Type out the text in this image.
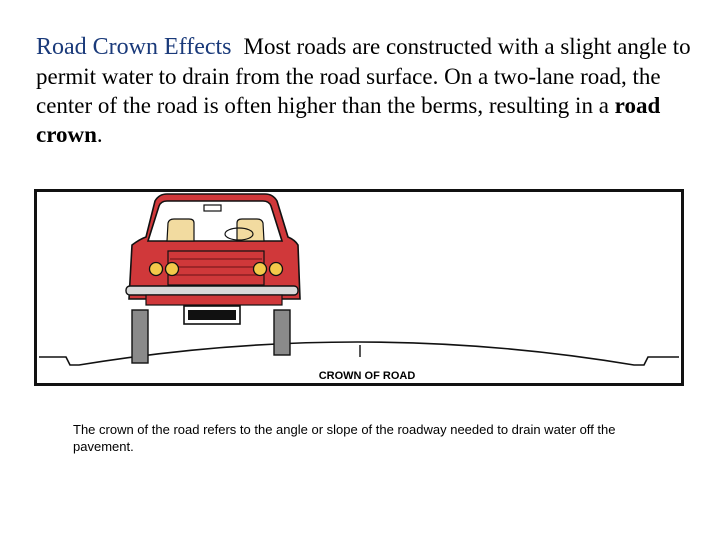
Road Crown Effects Most roads are constructed with a slight angle to permit water to drain from the road surface. On a two-lane road, the center of the road is often higher than the berms, resulting in a road crown.
CROWN OF ROAD
The crown of the road refers to the angle or slope of the roadway needed to drain water off the pavement.
